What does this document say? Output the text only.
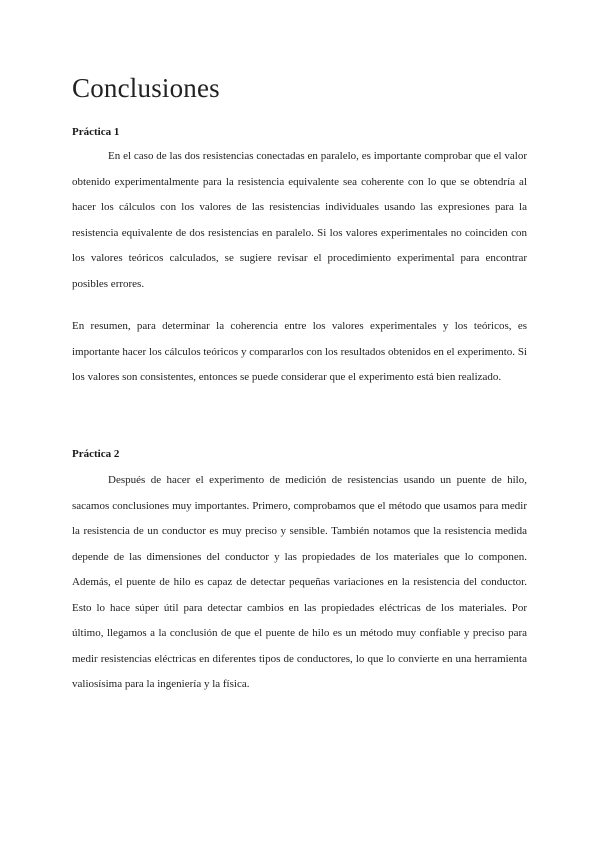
Conclusiones
Práctica 1

En el caso de las dos resistencias conectadas en paralelo, es importante comprobar que el valor obtenido experimentalmente para la resistencia equivalente sea coherente con lo que se obtendría al hacer los cálculos con los valores de las resistencias individuales usando las expresiones para la resistencia equivalente de dos resistencias en paralelo. Si los valores experimentales no coinciden con los valores teóricos calculados, se sugiere revisar el procedimiento experimental para encontrar posibles errores.

En resumen, para determinar la coherencia entre los valores experimentales y los teóricos, es importante hacer los cálculos teóricos y compararlos con los resultados obtenidos en el experimento. Si los valores son consistentes, entonces se puede considerar que el experimento está bien realizado.

Práctica 2

Después de hacer el experimento de medición de resistencias usando un puente de hilo, sacamos conclusiones muy importantes. Primero, comprobamos que el método que usamos para medir la resistencia de un conductor es muy preciso y sensible. También notamos que la resistencia medida depende de las dimensiones del conductor y las propiedades de los materiales que lo componen. Además, el puente de hilo es capaz de detectar pequeñas variaciones en la resistencia del conductor. Esto lo hace súper útil para detectar cambios en las propiedades eléctricas de los materiales. Por último, llegamos a la conclusión de que el puente de hilo es un método muy confiable y preciso para medir resistencias eléctricas en diferentes tipos de conductores, lo que lo convierte en una herramienta valiosísima para la ingeniería y la física.
